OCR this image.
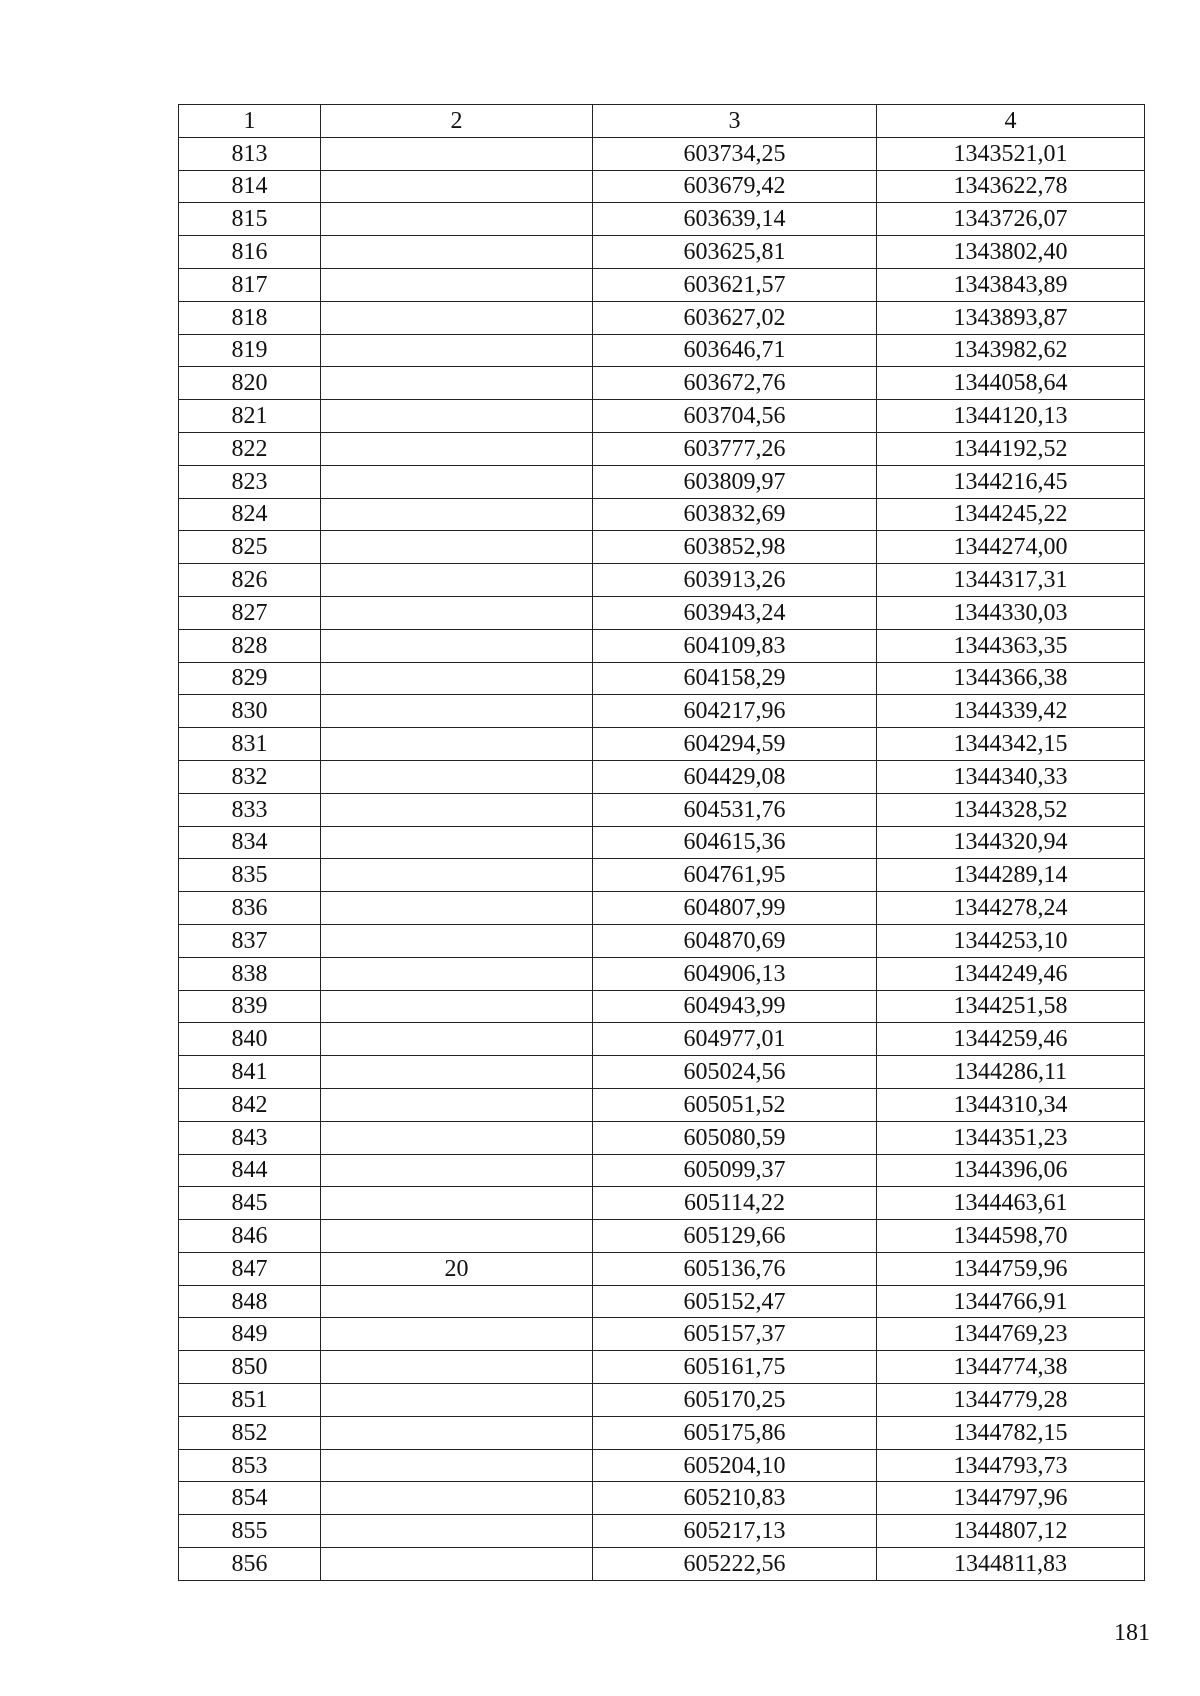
1	2	3	4
813		603734,25	1343521,01
814		603679,42	1343622,78
815		603639,14	1343726,07
816		603625,81	1343802,40
817		603621,57	1343843,89
818		603627,02	1343893,87
819		603646,71	1343982,62
820		603672,76	1344058,64
821		603704,56	1344120,13
822		603777,26	1344192,52
823		603809,97	1344216,45
824		603832,69	1344245,22
825		603852,98	1344274,00
826		603913,26	1344317,31
827		603943,24	1344330,03
828		604109,83	1344363,35
829		604158,29	1344366,38
830		604217,96	1344339,42
831		604294,59	1344342,15
832		604429,08	1344340,33
833		604531,76	1344328,52
834		604615,36	1344320,94
835		604761,95	1344289,14
836		604807,99	1344278,24
837		604870,69	1344253,10
838		604906,13	1344249,46
839		604943,99	1344251,58
840		604977,01	1344259,46
841		605024,56	1344286,11
842		605051,52	1344310,34
843		605080,59	1344351,23
844		605099,37	1344396,06
845		605114,22	1344463,61
846		605129,66	1344598,70
847	20	605136,76	1344759,96
848		605152,47	1344766,91
849		605157,37	1344769,23
850		605161,75	1344774,38
851		605170,25	1344779,28
852		605175,86	1344782,15
853		605204,10	1344793,73
854		605210,83	1344797,96
855		605217,13	1344807,12
856		605222,56	1344811,83
181
